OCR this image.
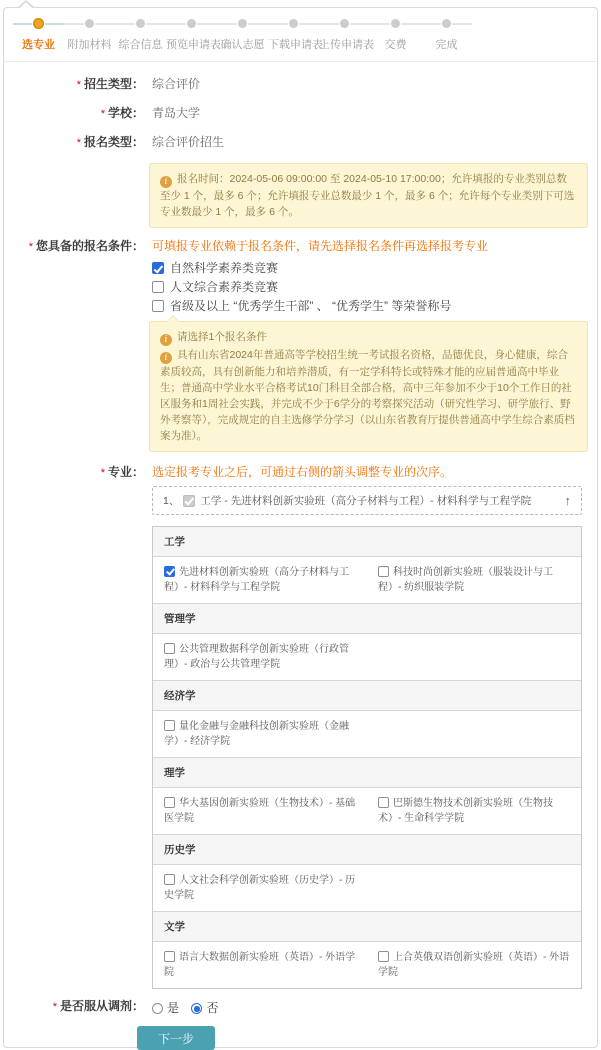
选专业	附加材料 综合信息 预览申请表 确认志愿 下载申请表
上传申请表 交费	完成
* 招生类型： 综合评价
* 学校： 青岛大学
* 报名类型： 综合评价招生
i 报名时间：2024-05-06 09:00:00 至 2024-05-10 17:00:00；允许填报的专业类别总数至少 1 个，最多 6 个；允许填报专业总数最少 1 个，最多 6 个；允许每个专业类别下可选专业数最少 1 个，最多 6 个。
* 您具备的报名条件： 可填报专业依赖于报名条件，请先选择报名条件再选择报考专业
自然科学素养类竞赛
人文综合素养类竞赛
省级及以上 “优秀学生干部” 、 “优秀学生” 等荣誉称号
i 请选择1个报名条件
i 具有山东省2024年普通高等学校招生统一考试报名资格，品德优良，身心健康，综合素质较高，具有创新能力和培养潜质，有一定学科特长或特殊才能的应届普通高中毕业生；普通高中学业水平合格考试10门科目全部合格，高中三年参加不少于10个工作日的社区服务和1周社会实践，并完成不少于6学分的考察探究活动（研究性学习、研学旅行、野外考察等），完成规定的自主选修学分学习（以山东省教育厅提供普通高中学生综合素质档案为准）。
* 专业： 选定报考专业之后，可通过右侧的箭头调整专业的次序。
1、 工学 - 先进材料创新实验班（高分子材料与工程）- 材料科学与工程学院	↑
工学
先进材料创新实验班（高分子材料与工程）- 材料科学与工程学院
科技时尚创新实验班（服装设计与工程）- 纺织服装学院
管理学
公共管理数据科学创新实验班（行政管理）- 政治与公共管理学院
经济学
量化金融与金融科技创新实验班（金融学）- 经济学院
理学
华大基因创新实验班（生物技术）- 基础医学院
巴斯德生物技术创新实验班（生物技术）- 生命科学学院
历史学
人文社会科学创新实验班（历史学）- 历史学院
文学
语言大数据创新实验班（英语）- 外语学院
上合英俄双语创新实验班（英语）- 外语学院
* 是否服从调剂：	是 否
下一步
